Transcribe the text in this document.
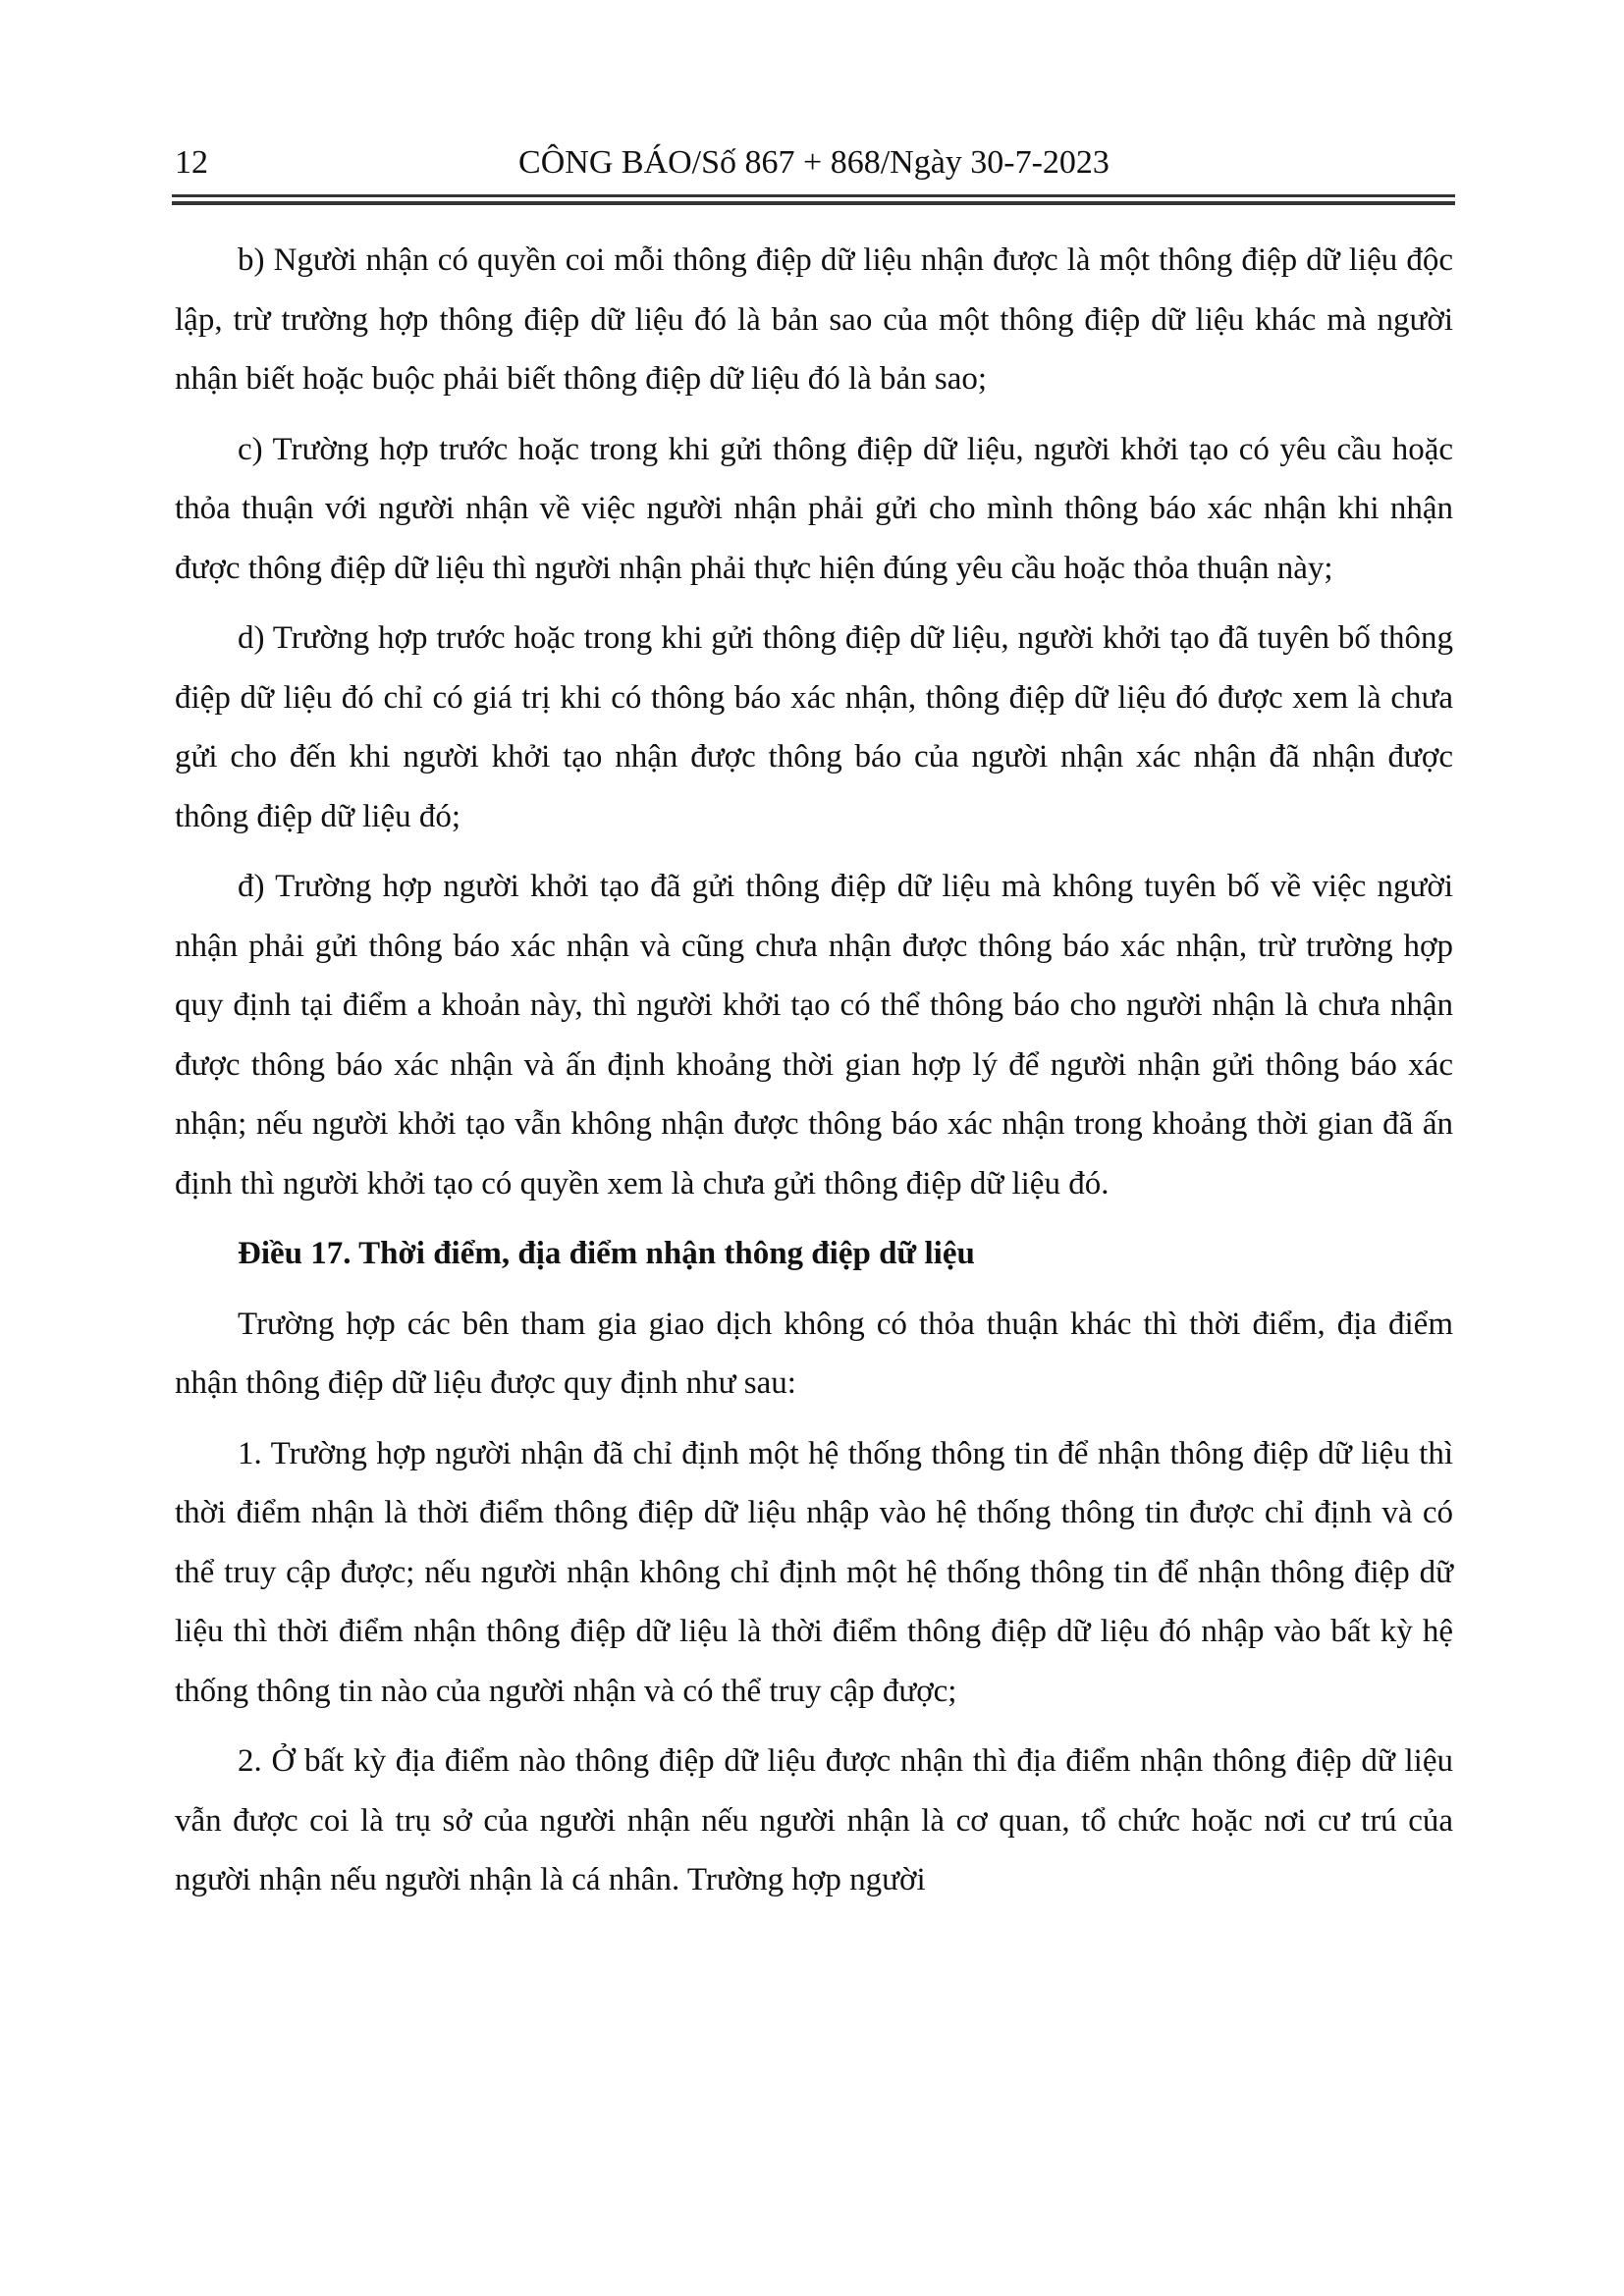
12	CÔNG BÁO/Số 867 + 868/Ngày 30-7-2023

b) Người nhận có quyền coi mỗi thông điệp dữ liệu nhận được là một thông điệp dữ liệu độc lập, trừ trường hợp thông điệp dữ liệu đó là bản sao của một thông điệp dữ liệu khác mà người nhận biết hoặc buộc phải biết thông điệp dữ liệu đó là bản sao;

c) Trường hợp trước hoặc trong khi gửi thông điệp dữ liệu, người khởi tạo có yêu cầu hoặc thỏa thuận với người nhận về việc người nhận phải gửi cho mình thông báo xác nhận khi nhận được thông điệp dữ liệu thì người nhận phải thực hiện đúng yêu cầu hoặc thỏa thuận này;

d) Trường hợp trước hoặc trong khi gửi thông điệp dữ liệu, người khởi tạo đã tuyên bố thông điệp dữ liệu đó chỉ có giá trị khi có thông báo xác nhận, thông điệp dữ liệu đó được xem là chưa gửi cho đến khi người khởi tạo nhận được thông báo của người nhận xác nhận đã nhận được thông điệp dữ liệu đó;

đ) Trường hợp người khởi tạo đã gửi thông điệp dữ liệu mà không tuyên bố về việc người nhận phải gửi thông báo xác nhận và cũng chưa nhận được thông báo xác nhận, trừ trường hợp quy định tại điểm a khoản này, thì người khởi tạo có thể thông báo cho người nhận là chưa nhận được thông báo xác nhận và ấn định khoảng thời gian hợp lý để người nhận gửi thông báo xác nhận; nếu người khởi tạo vẫn không nhận được thông báo xác nhận trong khoảng thời gian đã ấn định thì người khởi tạo có quyền xem là chưa gửi thông điệp dữ liệu đó.

Điều 17. Thời điểm, địa điểm nhận thông điệp dữ liệu

Trường hợp các bên tham gia giao dịch không có thỏa thuận khác thì thời điểm, địa điểm nhận thông điệp dữ liệu được quy định như sau:

1. Trường hợp người nhận đã chỉ định một hệ thống thông tin để nhận thông điệp dữ liệu thì thời điểm nhận là thời điểm thông điệp dữ liệu nhập vào hệ thống thông tin được chỉ định và có thể truy cập được; nếu người nhận không chỉ định một hệ thống thông tin để nhận thông điệp dữ liệu thì thời điểm nhận thông điệp dữ liệu là thời điểm thông điệp dữ liệu đó nhập vào bất kỳ hệ thống thông tin nào của người nhận và có thể truy cập được;

2. Ở bất kỳ địa điểm nào thông điệp dữ liệu được nhận thì địa điểm nhận thông điệp dữ liệu vẫn được coi là trụ sở của người nhận nếu người nhận là cơ quan, tổ chức hoặc nơi cư trú của người nhận nếu người nhận là cá nhân. Trường hợp người
